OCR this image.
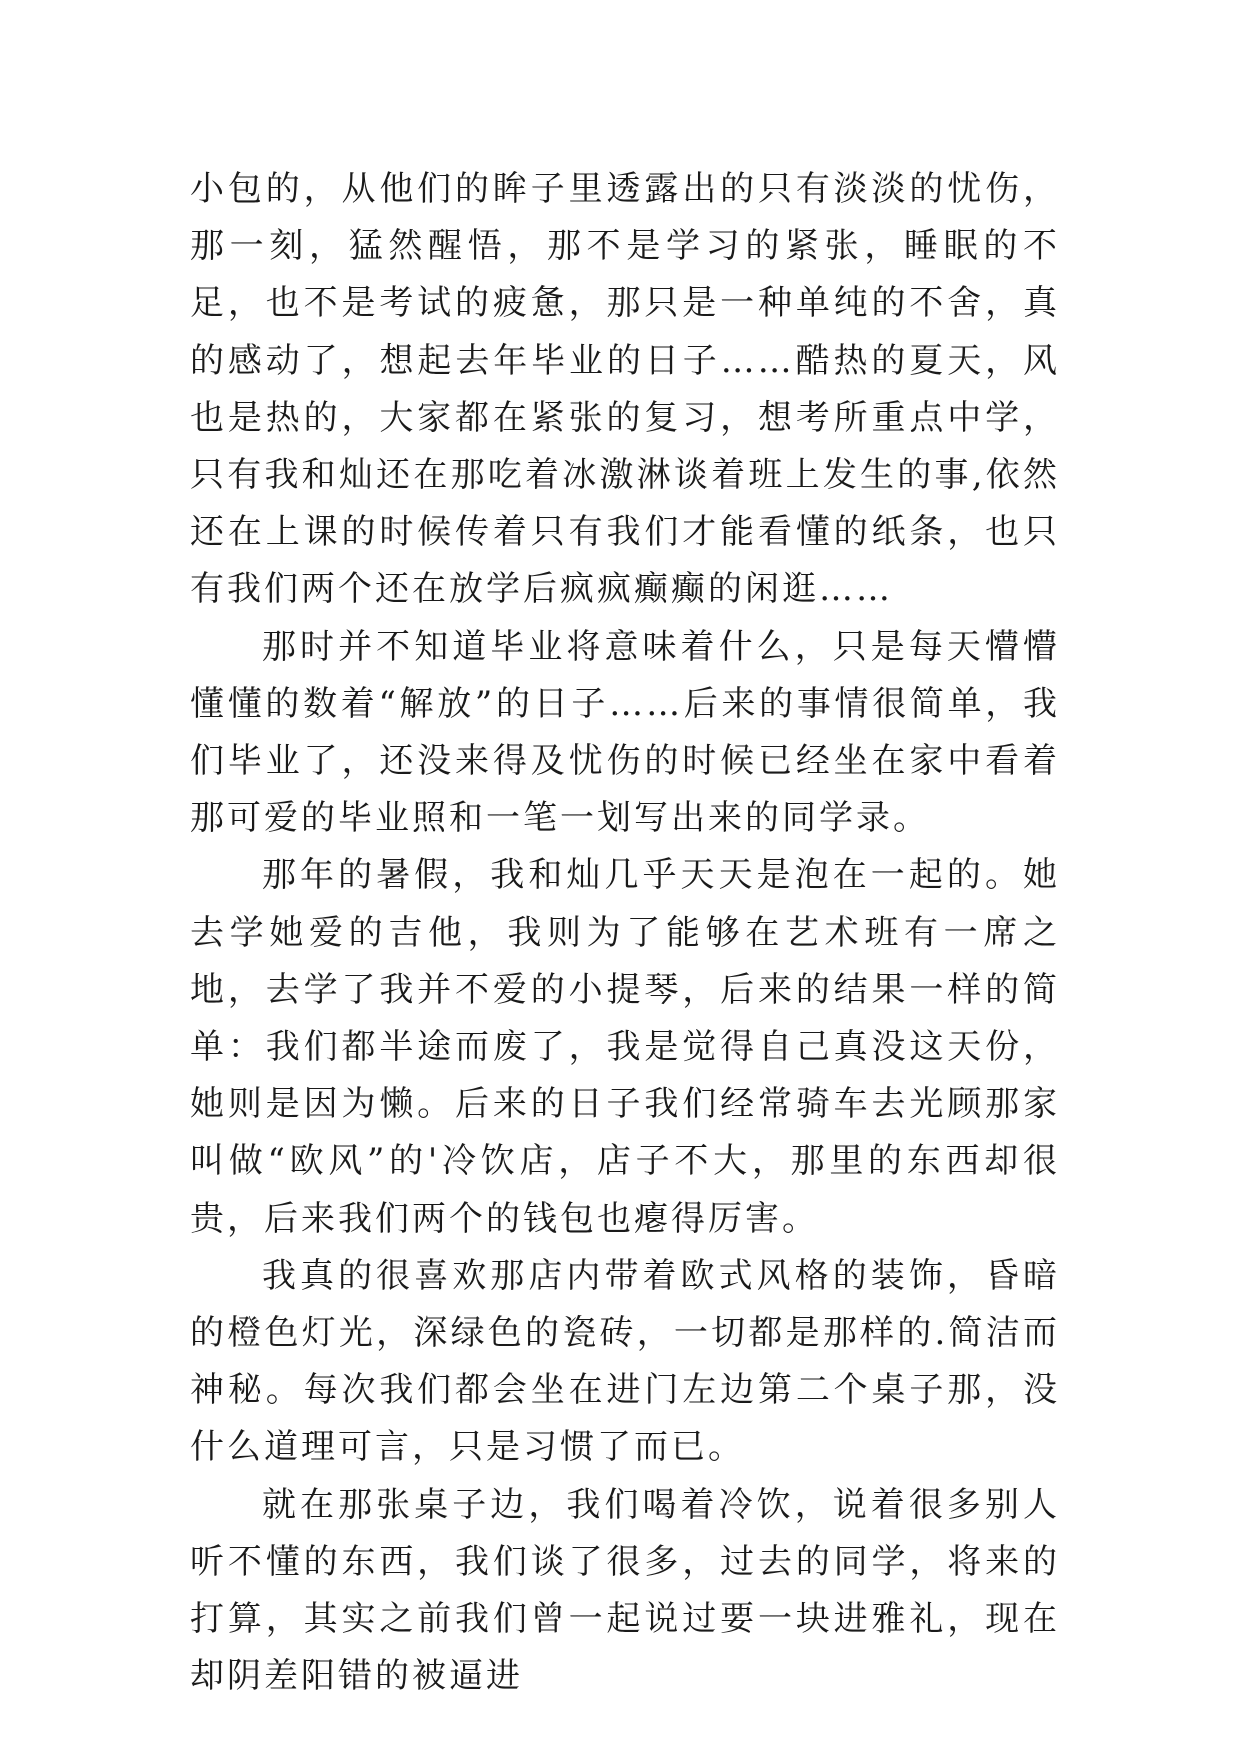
小包的，从他们的眸子里透露出的只有淡淡的忧伤，那一刻，猛然醒悟，那不是学习的紧张，睡眠的不足，也不是考试的疲惫，那只是一种单纯的不舍，真的感动了，想起去年毕业的日子……酷热的夏天，风也是热的，大家都在紧张的复习，想考所重点中学，只有我和灿还在那吃着冰激淋谈着班上发生的事,依然还在上课的时候传着只有我们才能看懂的纸条，也只有我们两个还在放学后疯疯癫癫的闲逛……

那时并不知道毕业将意味着什么，只是每天懵懵懂懂的数着“解放”的日子……后来的事情很简单，我们毕业了，还没来得及忧伤的时候已经坐在家中看着那可爱的毕业照和一笔一划写出来的同学录。

那年的暑假，我和灿几乎天天是泡在一起的。她去学她爱的吉他，我则为了能够在艺术班有一席之地，去学了我并不爱的小提琴，后来的结果一样的简单：我们都半途而废了，我是觉得自己真没这天份，她则是因为懒。后来的日子我们经常骑车去光顾那家叫做“欧风”的'冷饮店，店子不大，那里的东西却很贵，后来我们两个的钱包也瘪得厉害。

我真的很喜欢那店内带着欧式风格的装饰，昏暗的橙色灯光，深绿色的瓷砖，一切都是那样的.简洁而神秘。每次我们都会坐在进门左边第二个桌子那，没什么道理可言，只是习惯了而已。

就在那张桌子边，我们喝着冷饮，说着很多别人听不懂的东西，我们谈了很多，过去的同学，将来的打算，其实之前我们曾一起说过要一块进雅礼，现在却阴差阳错的被逼进
